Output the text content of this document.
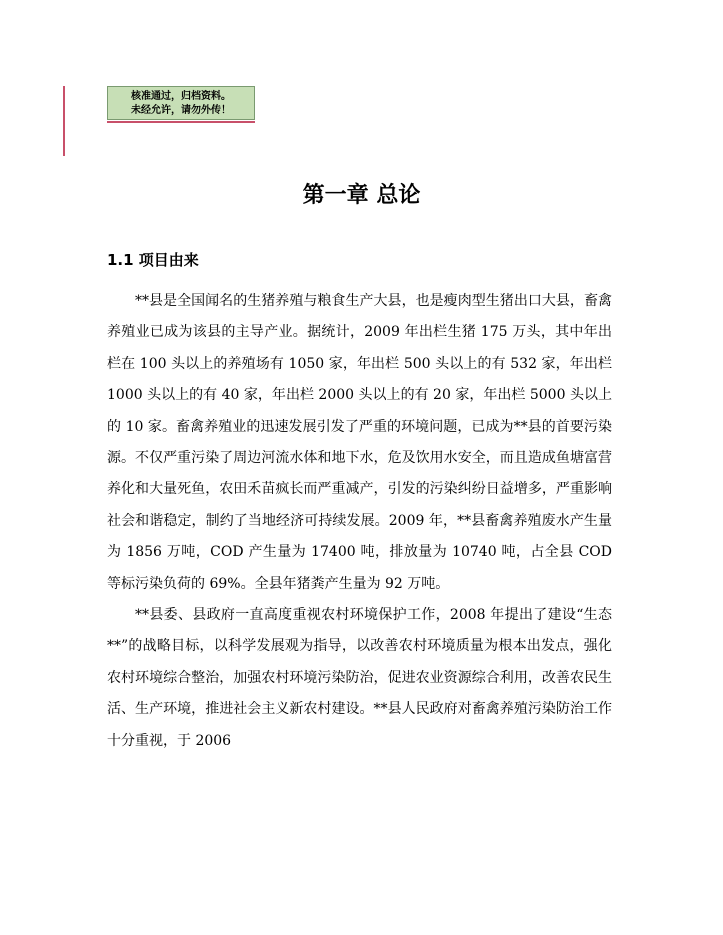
核准通过，归档资料。
未经允许，请勿外传！
第一章 总论
1.1 项目由来

**县是全国闻名的生猪养殖与粮食生产大县，也是瘦肉型生猪出口大县，畜禽养殖业已成为该县的主导产业。据统计，2009 年出栏生猪 175 万头，其中年出栏在 100 头以上的养殖场有 1050 家，年出栏 500 头以上的有 532 家，年出栏 1000 头以上的有 40 家，年出栏 2000 头以上的有 20 家，年出栏 5000 头以上的 10 家。畜禽养殖业的迅速发展引发了严重的环境问题，已成为**县的首要污染源。不仅严重污染了周边河流水体和地下水，危及饮用水安全，而且造成鱼塘富营养化和大量死鱼，农田禾苗疯长而严重减产，引发的污染纠纷日益增多，严重影响社会和谐稳定，制约了当地经济可持续发展。2009 年，**县畜禽养殖废水产生量为 1856 万吨，COD 产生量为 17400 吨，排放量为 10740 吨，占全县 COD 等标污染负荷的 69%。全县年猪粪产生量为 92 万吨。

**县委、县政府一直高度重视农村环境保护工作，2008 年提出了建设“生态**”的战略目标，以科学发展观为指导，以改善农村环境质量为根本出发点，强化农村环境综合整治，加强农村环境污染防治，促进农业资源综合利用，改善农民生活、生产环境，推进社会主义新农村建设。**县人民政府对畜禽养殖污染防治工作十分重视，于 2006
